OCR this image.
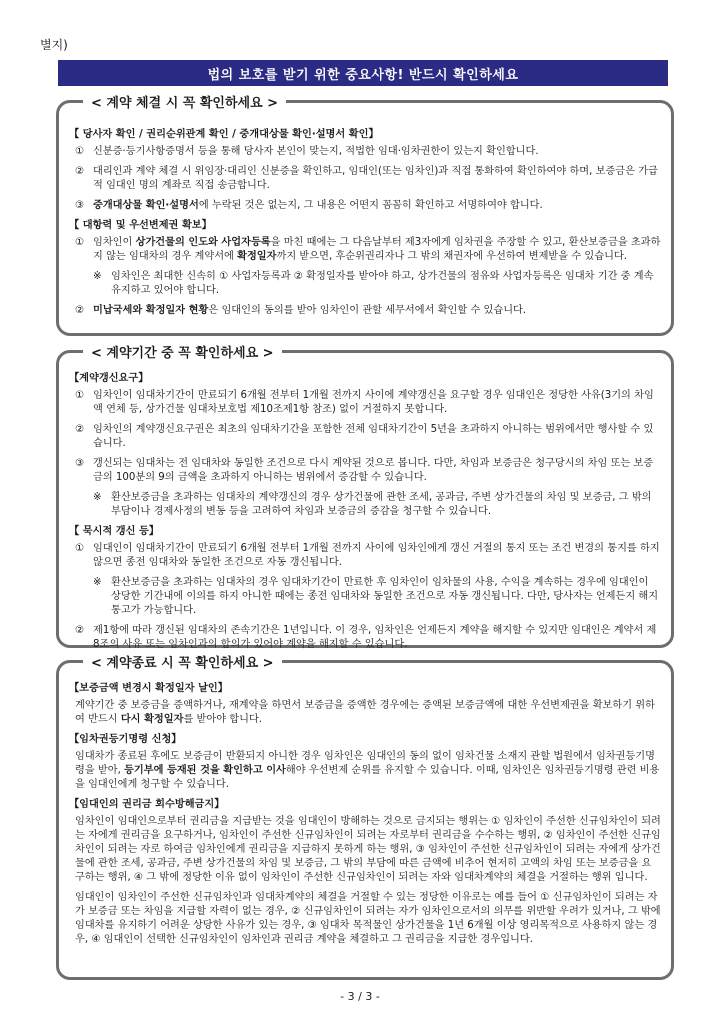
별지)
법의 보호를 받기 위한 중요사항! 반드시 확인하세요
< 계약 체결 시 꼭 확인하세요 >
【 당사자 확인 / 권리순위관계 확인 / 중개대상물 확인·설명서 확인】
① 신분증·등기사항증명서 등을 통해 당사자 본인이 맞는지, 적법한 임대·임차권한이 있는지 확인합니다.
② 대리인과 계약 체결 시 위임장·대리인 신분증을 확인하고, 임대인(또는 임차인)과 직접 통화하여 확인하여야 하며, 보증금은 가급적 임대인 명의 계좌로 직접 송금합니다.
③ 중개대상물 확인·설명서에 누락된 것은 없는지, 그 내용은 어떤지 꼼꼼히 확인하고 서명하여야 합니다.
【 대항력 및 우선변제권 확보】
① 임차인이 상가건물의 인도와 사업자등록을 마친 때에는 그 다음날부터 제3자에게 임차권을 주장할 수 있고, 환산보증금을 초과하지 않는 임대차의 경우 계약서에 확정일자까지 받으면, 후순위권리자나 그 밖의 채권자에 우선하여 변제받을 수 있습니다.
※ 임차인은 최대한 신속히 ① 사업자등록과 ② 확정일자를 받아야 하고, 상가건물의 점유와 사업자등록은 임대차 기간 중 계속 유지하고 있어야 합니다.
② 미납국세와 확정일자 현황은 임대인의 동의를 받아 임차인이 관할 세무서에서 확인할 수 있습니다.
< 계약기간 중 꼭 확인하세요 >
【계약갱신요구】
① 임차인이 임대차기간이 만료되기 6개월 전부터 1개월 전까지 사이에 계약갱신을 요구할 경우 임대인은 정당한 사유(3기의 차임액 연체 등, 상가건물 임대차보호법 제10조제1항 참조) 없이 거절하지 못합니다.
② 임차인의 계약갱신요구권은 최초의 임대차기간을 포함한 전체 임대차기간이 5년을 초과하지 아니하는 범위에서만 행사할 수 있습니다.
③ 갱신되는 임대차는 전 임대차와 동일한 조건으로 다시 계약된 것으로 봅니다. 다만, 차임과 보증금은 청구당시의 차임 또는 보증금의 100분의 9의 금액을 초과하지 아니하는 범위에서 증감할 수 있습니다.
※ 환산보증금을 초과하는 임대차의 계약갱신의 경우 상가건물에 관한 조세, 공과금, 주변 상가건물의 차임 및 보증금, 그 밖의 부담이나 경제사정의 변동 등을 고려하여 차임과 보증금의 증감을 청구할 수 있습니다.
【 묵시적 갱신 등】
① 임대인이 임대차기간이 만료되기 6개월 전부터 1개월 전까지 사이에 임차인에게 갱신 거절의 통지 또는 조건 변경의 통지를 하지 않으면 종전 임대차와 동일한 조건으로 자동 갱신됩니다.
※ 환산보증금을 초과하는 임대차의 경우 임대차기간이 만료한 후 임차인이 임차물의 사용, 수익을 계속하는 경우에 임대인이 상당한 기간내에 이의를 하지 아니한 때에는 종전 임대차와 동일한 조건으로 자동 갱신됩니다. 다만, 당사자는 언제든지 해지통고가 가능합니다.
② 제1항에 따라 갱신된 임대차의 존속기간은 1년입니다. 이 경우, 임차인은 언제든지 계약을 해지할 수 있지만 임대인은 계약서 제8조의 사유 또는 임차인과의 합의가 있어야 계약을 해지할 수 있습니다.
< 계약종료 시 꼭 확인하세요 >
【보증금액 변경시 확정일자 날인】
계약기간 중 보증금을 증액하거나, 재계약을 하면서 보증금을 증액한 경우에는 증액된 보증금액에 대한 우선변제권을 확보하기 위하여 반드시 다시 확정일자를 받아야 합니다.
【임차권등기명령 신청】
임대차가 종료된 후에도 보증금이 반환되지 아니한 경우 임차인은 임대인의 동의 없이 임차건물 소재지 관할 법원에서 임차권등기명령을 받아, 등기부에 등재된 것을 확인하고 이사해야 우선변제 순위를 유지할 수 있습니다. 이때, 임차인은 임차권등기명령 관련 비용을 임대인에게 청구할 수 있습니다.
【임대인의 권리금 회수방해금지】
임차인이 임대인으로부터 권리금을 지급받는 것을 임대인이 방해하는 것으로 금지되는 행위는 ① 임차인이 주선한 신규임차인이 되려는 자에게 권리금을 요구하거나, 임차인이 주선한 신규임차인이 되려는 자로부터 권리금을 수수하는 행위, ② 임차인이 주선한 신규임차인이 되려는 자로 하여금 임차인에게 권리금을 지급하지 못하게 하는 행위, ③ 임차인이 주선한 신규임차인이 되려는 자에게 상가건물에 관한 조세, 공과금, 주변 상가건물의 차임 및 보증금, 그 밖의 부담에 따른 금액에 비추어 현저히 고액의 차임 또는 보증금을 요구하는 행위, ④ 그 밖에 정당한 이유 없이 임차인이 주선한 신규임차인이 되려는 자와 임대차계약의 체결을 거절하는 행위 입니다.
임대인이 임차인이 주선한 신규임차인과 임대차계약의 체결을 거절할 수 있는 정당한 이유로는 예를 들어 ① 신규임차인이 되려는 자가 보증금 또는 차임을 지급할 자력이 없는 경우, ② 신규임차인이 되려는 자가 임차인으로서의 의무를 위반할 우려가 있거나, 그 밖에 임대차를 유지하기 어려운 상당한 사유가 있는 경우, ③ 임대차 목적물인 상가건물을 1년 6개월 이상 영리목적으로 사용하지 않는 경우, ④ 임대인이 선택한 신규임차인이 임차인과 권리금 계약을 체결하고 그 권리금을 지급한 경우입니다.
- 3 / 3 -
